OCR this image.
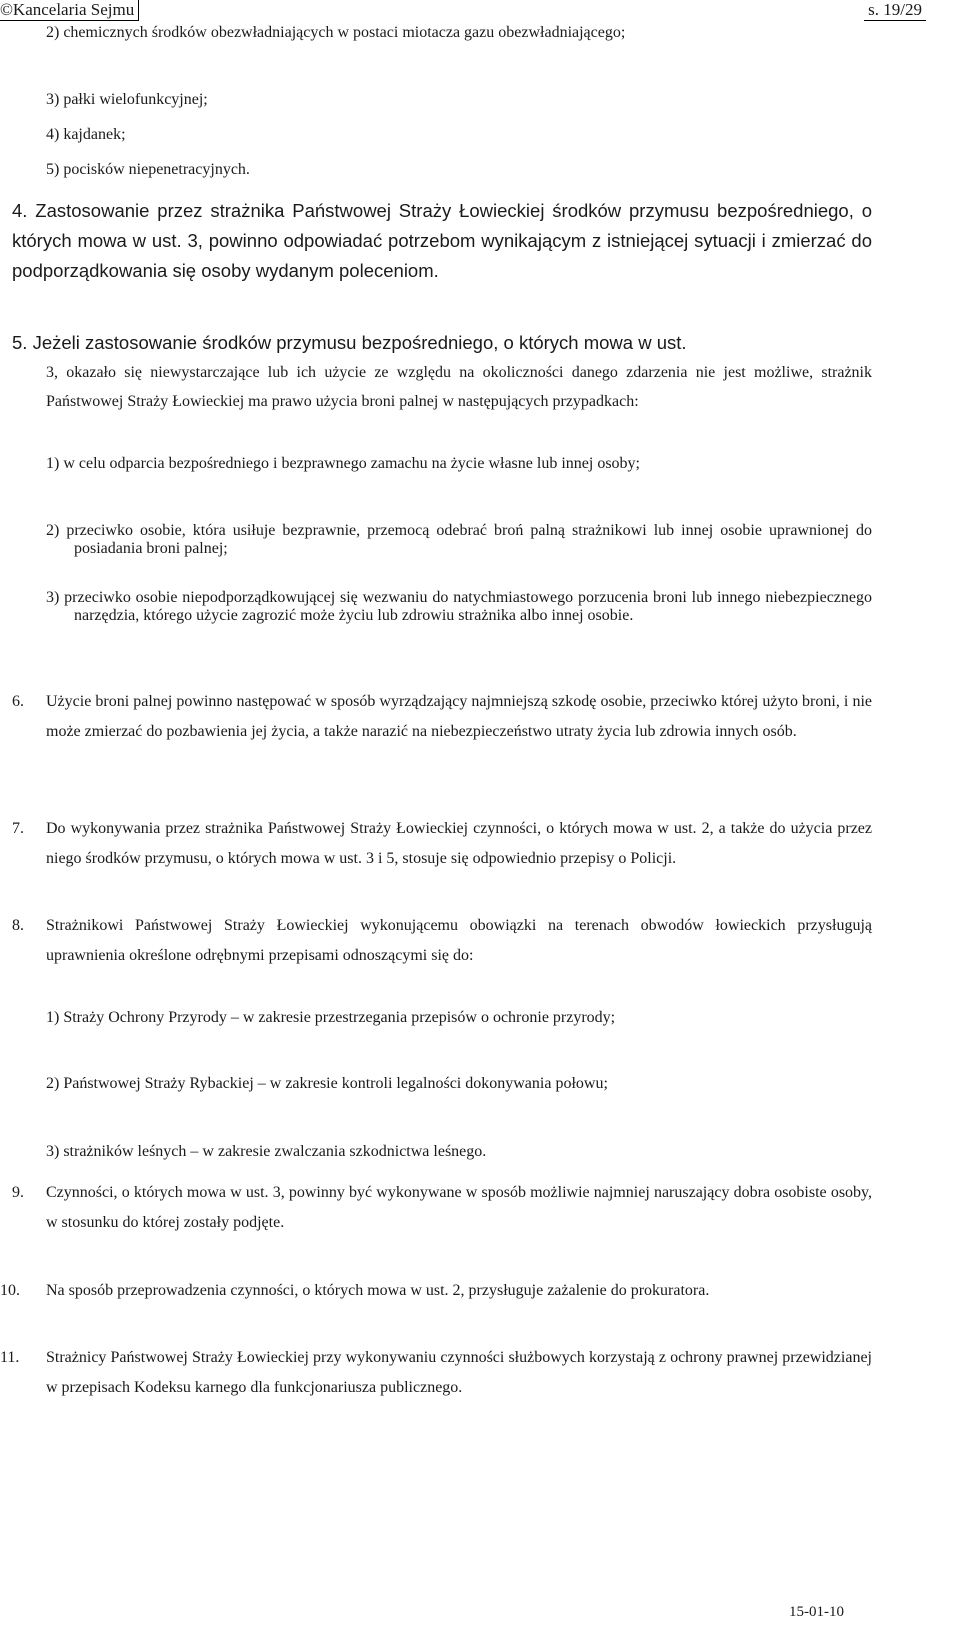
©Kancelaria Sejmu	s. 19/29
2) chemicznych środków obezwładniających w postaci miotacza gazu obezwładniającego;
3) pałki wielofunkcyjnej;
4) kajdanek;
5) pocisków niepenetracyjnych.
4. Zastosowanie przez strażnika Państwowej Straży Łowieckiej środków przymusu bezpośredniego, o których mowa w ust. 3, powinno odpowiadać potrzebom wynikającym z istniejącej sytuacji i zmierzać do podporządkowania się osoby wydanym poleceniom.
5. Jeżeli zastosowanie środków przymusu bezpośredniego, o których mowa w ust.
3, okazało się niewystarczające lub ich użycie ze względu na okoliczności danego zdarzenia nie jest możliwe, strażnik Państwowej Straży Łowieckiej ma prawo użycia broni palnej w następujących przypadkach:
1) w celu odparcia bezpośredniego i bezprawnego zamachu na życie własne lub innej osoby;
2) przeciwko osobie, która usiłuje bezprawnie, przemocą odebrać broń palną strażnikowi lub innej osobie uprawnionej do posiadania broni palnej;
3) przeciwko osobie niepodporządkowującej się wezwaniu do natychmiastowego porzucenia broni lub innego niebezpiecznego narzędzia, którego użycie zagrozić może życiu lub zdrowiu strażnika albo innej osobie.
6. Użycie broni palnej powinno następować w sposób wyrządzający najmniejszą szkodę osobie, przeciwko której użyto broni, i nie może zmierzać do pozbawienia jej życia, a także narazić na niebezpieczeństwo utraty życia lub zdrowia innych osób.
7. Do wykonywania przez strażnika Państwowej Straży Łowieckiej czynności, o których mowa w ust. 2, a także do użycia przez niego środków przymusu, o których mowa w ust. 3 i 5, stosuje się odpowiednio przepisy o Policji.
8. Strażnikowi Państwowej Straży Łowieckiej wykonującemu obowiązki na terenach obwodów łowieckich przysługują uprawnienia określone odrębnymi przepisami odnoszącymi się do:
1) Straży Ochrony Przyrody – w zakresie przestrzegania przepisów o ochronie przyrody;
2) Państwowej Straży Rybackiej – w zakresie kontroli legalności dokonywania połowu;
3) strażników leśnych – w zakresie zwalczania szkodnictwa leśnego.
9. Czynności, o których mowa w ust. 3, powinny być wykonywane w sposób możliwie najmniej naruszający dobra osobiste osoby, w stosunku do której zostały podjęte.
10. Na sposób przeprowadzenia czynności, o których mowa w ust. 2, przysługuje zażalenie do prokuratora.
11. Strażnicy Państwowej Straży Łowieckiej przy wykonywaniu czynności służbowych korzystają z ochrony prawnej przewidzianej w przepisach Kodeksu karnego dla funkcjonariusza publicznego.
15-01-10
